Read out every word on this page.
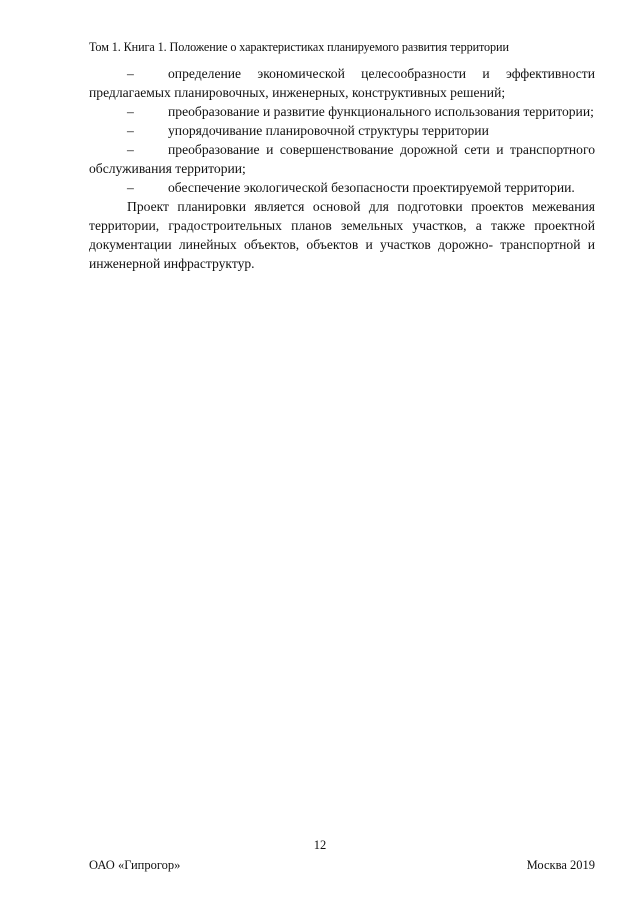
Том 1. Книга 1. Положение о характеристиках планируемого развития территории

–	определение экономической целесообразности и эффективности предлагаемых планировочных, инженерных, конструктивных решений;

–	преобразование и развитие функционального использования территории;

–	упорядочивание планировочной структуры территории

–	преобразование и совершенствование дорожной сети и транспортного обслуживания территории;

–	обеспечение экологической безопасности проектируемой территории.

Проект планировки является основой для подготовки проектов межевания территории, градостроительных планов земельных участков, а также проектной документации линейных объектов, объектов и участков дорожно- транспортной и инженерной инфраструктур.

12
ОАО «Гипрогор»	Москва 2019
